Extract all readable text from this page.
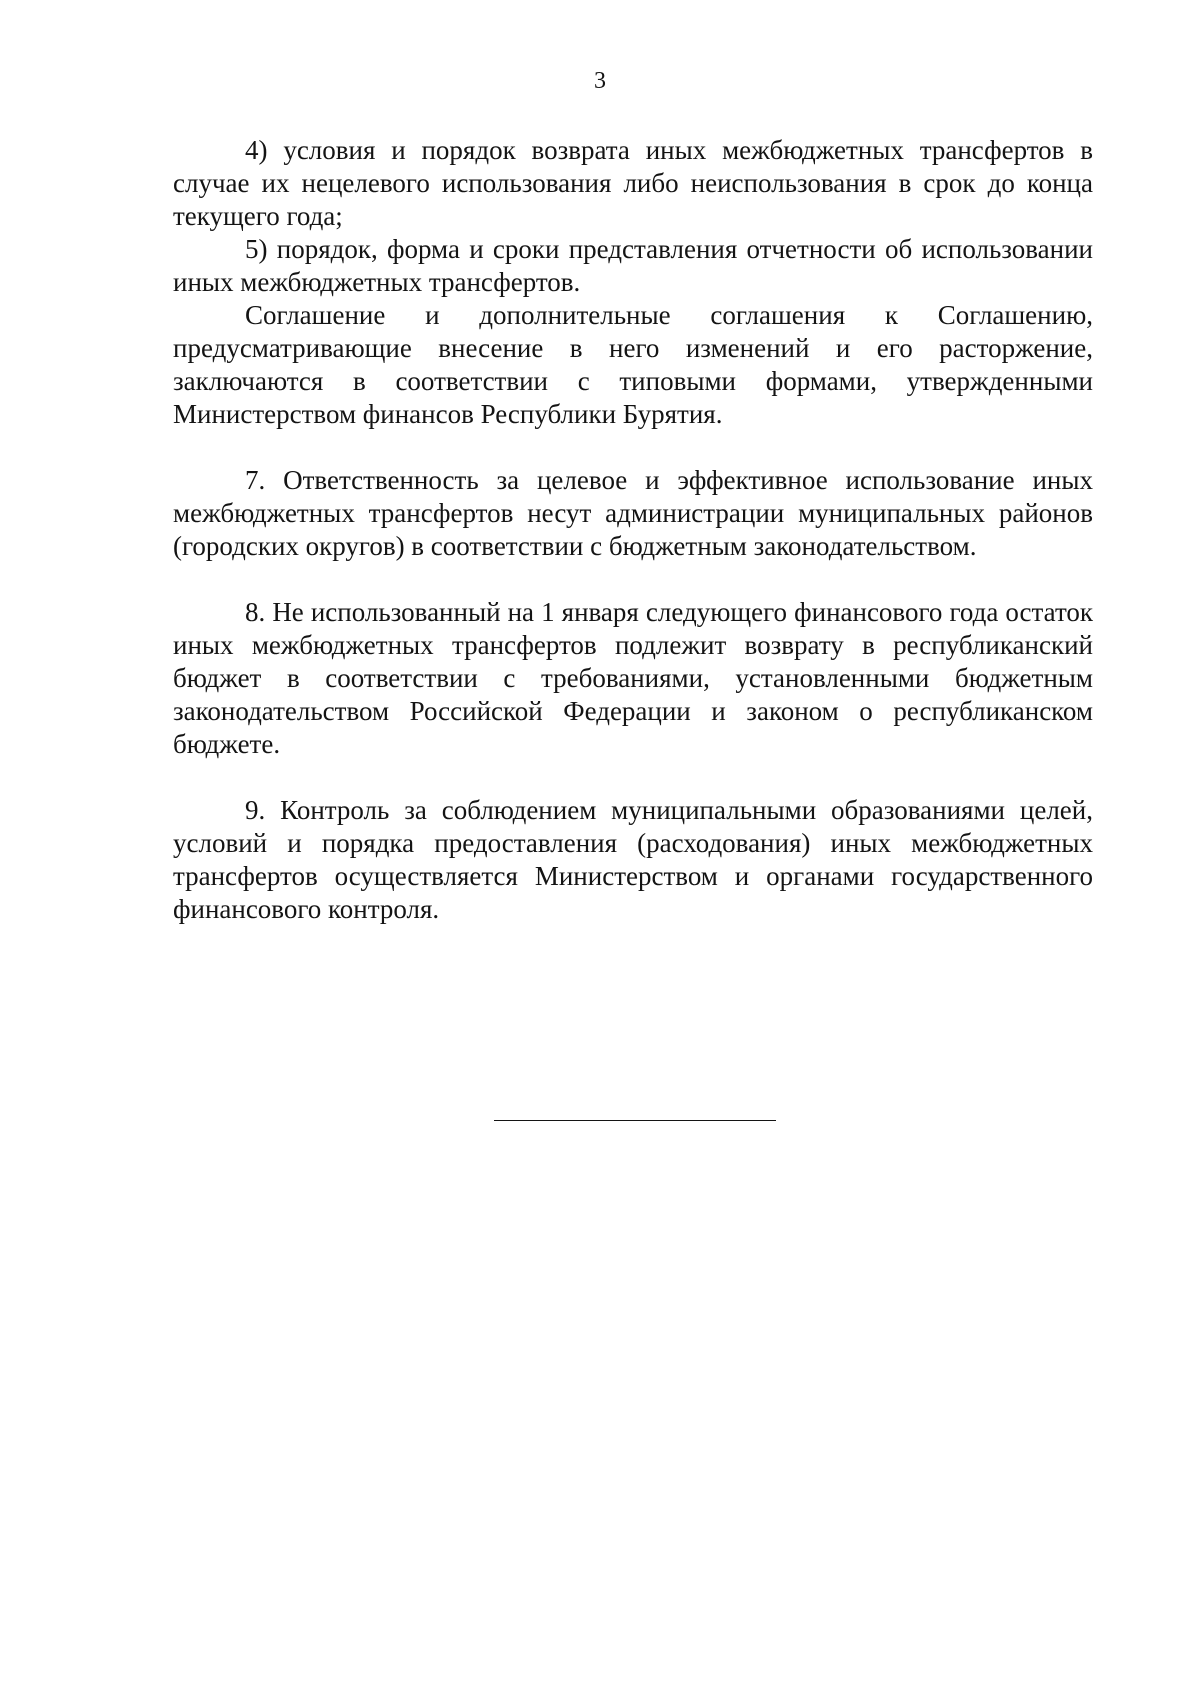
3

4) условия и порядок возврата иных межбюджетных трансфертов в случае их нецелевого использования либо неиспользования в срок до конца текущего года;

5) порядок, форма и сроки представления отчетности об использовании иных межбюджетных трансфертов.

Соглашение и дополнительные соглашения к Соглашению, предусматривающие внесение в него изменений и его расторжение, заключаются в соответствии с типовыми формами, утвержденными Министерством финансов Республики Бурятия.

7. Ответственность за целевое и эффективное использование иных межбюджетных трансфертов несут администрации муниципальных районов (городских округов) в соответствии с бюджетным законодательством.

8. Не использованный на 1 января следующего финансового года остаток иных межбюджетных трансфертов подлежит возврату в республиканский бюджет в соответствии с требованиями, установленными бюджетным законодательством Российской Федерации и законом о республиканском бюджете.

9. Контроль за соблюдением муниципальными образованиями целей, условий и порядка предоставления (расходования) иных межбюджетных трансфертов осуществляется Министерством и органами государственного финансового контроля.
